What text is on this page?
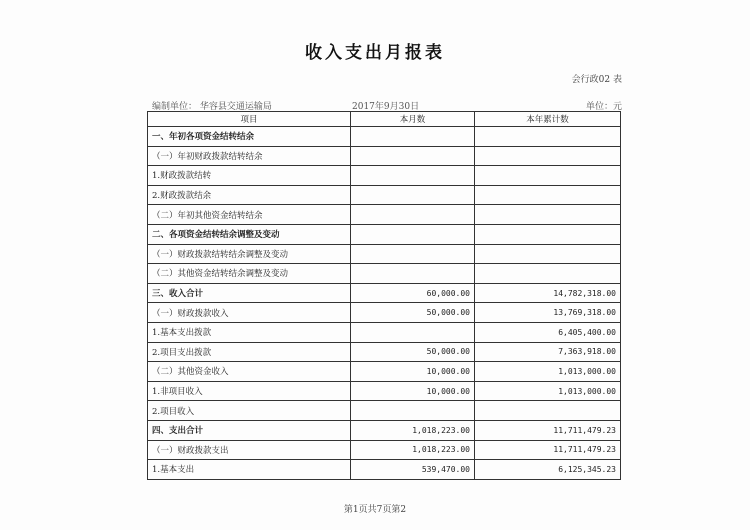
收入支出月报表
会行政02 表
编制单位： 华容县交通运输局	2017年9月30日	单位：元
项目	本月数	本年累计数
一、年初各项资金结转结余		
（一）年初财政拨款结转结余		
1.财政拨款结转		
2.财政拨款结余		
（二）年初其他资金结转结余		
二、各项资金结转结余调整及变动		
（一）财政拨款结转结余调整及变动		
（二）其他资金结转结余调整及变动		
三、收入合计	60,000.00	14,782,318.00
（一）财政拨款收入	50,000.00	13,769,318.00
1.基本支出拨款		6,405,400.00
2.项目支出拨款	50,000.00	7,363,918.00
（二）其他资金收入	10,000.00	1,013,000.00
1.非项目收入	10,000.00	1,013,000.00
2.项目收入		
四、支出合计	1,018,223.00	11,711,479.23
（一）财政拨款支出	1,018,223.00	11,711,479.23
1.基本支出	539,470.00	6,125,345.23
第1页共7页第2
